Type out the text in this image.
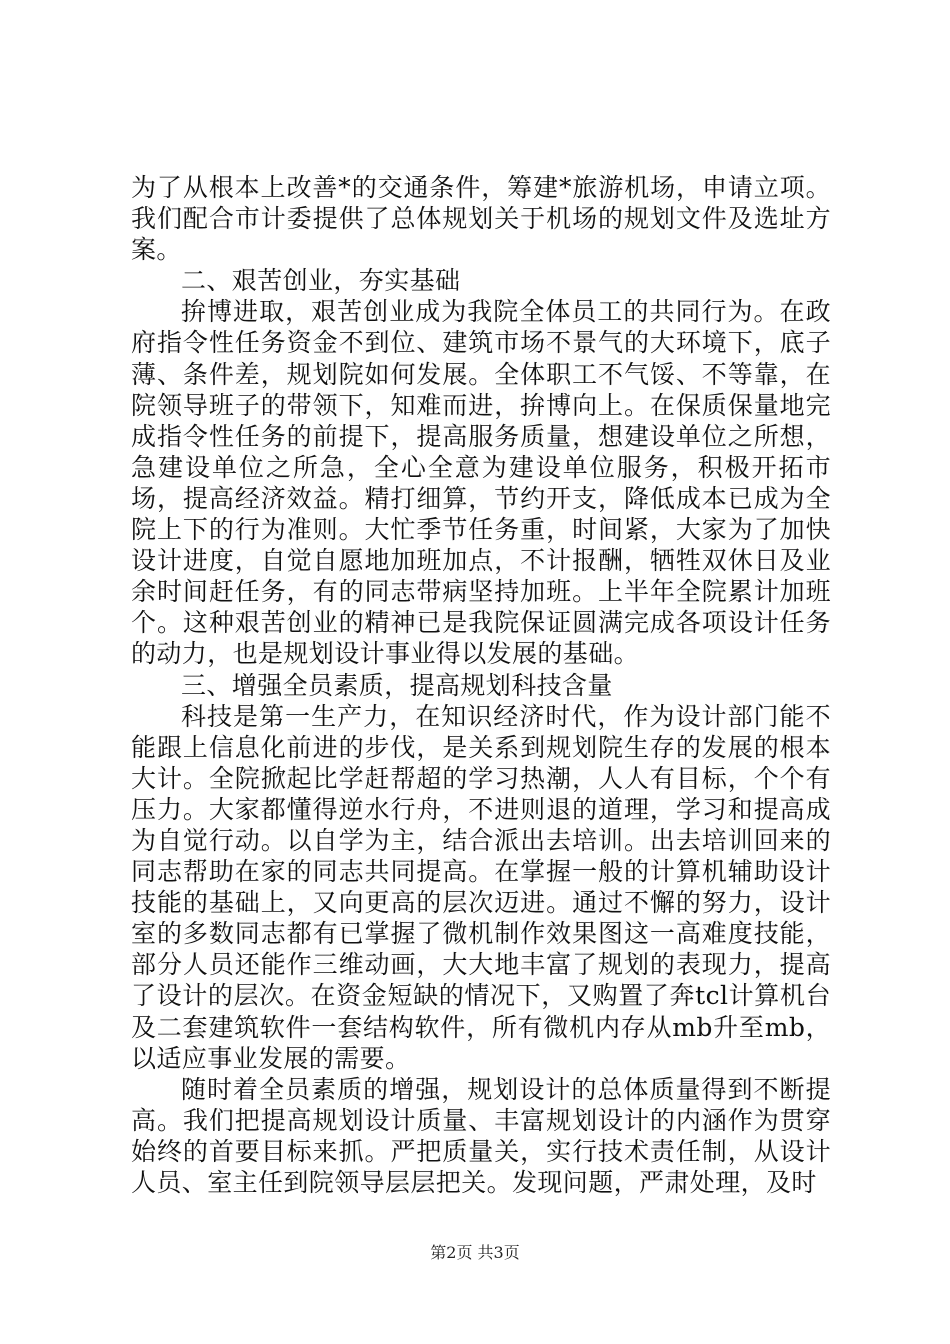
为了从根本上改善*的交通条件，筹建*旅游机场，申请立项。我们配合市计委提供了总体规划关于机场的规划文件及选址方案。

二、艰苦创业，夯实基础

拚博进取，艰苦创业成为我院全体员工的共同行为。在政府指令性任务资金不到位、建筑市场不景气的大环境下，底子薄、条件差，规划院如何发展。全体职工不气馁、不等靠，在院领导班子的带领下，知难而进，拚博向上。在保质保量地完成指令性任务的前提下，提高服务质量，想建设单位之所想，急建设单位之所急，全心全意为建设单位服务，积极开拓市场，提高经济效益。精打细算，节约开支，降低成本已成为全院上下的行为准则。大忙季节任务重，时间紧，大家为了加快设计进度，自觉自愿地加班加点，不计报酬，牺牲双休日及业余时间赶任务，有的同志带病坚持加班。上半年全院累计加班个。这种艰苦创业的精神已是我院保证圆满完成各项设计任务的动力，也是规划设计事业得以发展的基础。

三、增强全员素质，提高规划科技含量

科技是第一生产力，在知识经济时代，作为设计部门能不能跟上信息化前进的步伐，是关系到规划院生存的发展的根本大计。全院掀起比学赶帮超的学习热潮，人人有目标，个个有压力。大家都懂得逆水行舟，不进则退的道理，学习和提高成为自觉行动。以自学为主，结合派出去培训。出去培训回来的同志帮助在家的同志共同提高。在掌握一般的计算机辅助设计技能的基础上，又向更高的层次迈进。通过不懈的努力，设计室的多数同志都有已掌握了微机制作效果图这一高难度技能，部分人员还能作三维动画，大大地丰富了规划的表现力，提高了设计的层次。在资金短缺的情况下，又购置了奔tcl计算机台及二套建筑软件一套结构软件，所有微机内存从mb升至mb，以适应事业发展的需要。

随时着全员素质的增强，规划设计的总体质量得到不断提高。我们把提高规划设计质量、丰富规划设计的内涵作为贯穿始终的首要目标来抓。严把质量关，实行技术责任制，从设计人员、室主任到院领导层层把关。发现问题，严肃处理，及时

第2页 共3页
